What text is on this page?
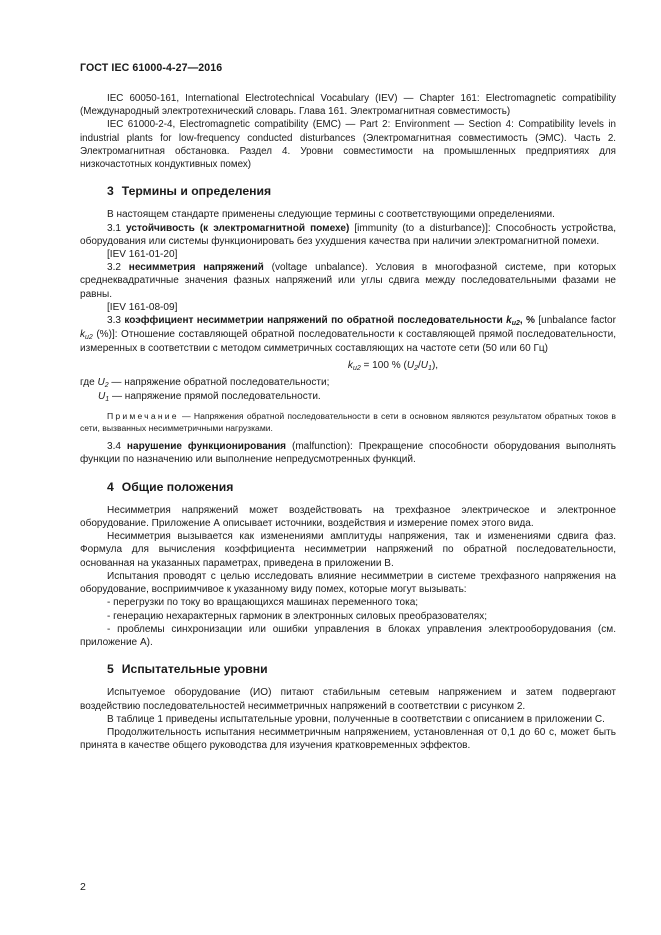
ГОСТ IEC 61000-4-27—2016

IEC 60050-161, International Electrotechnical Vocabulary (IEV) — Chapter 161: Electromagnetic compatibility (Международный электротехнический словарь. Глава 161. Электромагнитная совместимость)

IEC 61000-2-4, Electromagnetic compatibility (EMC) — Part 2: Environment — Section 4: Compatibility levels in industrial plants for low-frequency conducted disturbances (Электромагнитная совместимость (ЭМС). Часть 2. Электромагнитная обстановка. Раздел 4. Уровни совместимости на промышленных предприятиях для низкочастотных кондуктивных помех)

3 Термины и определения

В настоящем стандарте применены следующие термины с соответствующими определениями.

3.1 устойчивость (к электромагнитной помехе) [immunity (to a disturbance)]: Способность устройства, оборудования или системы функционировать без ухудшения качества при наличии электромагнитной помехи.

[IEV 161-01-20]

3.2 несимметрия напряжений (voltage unbalance). Условия в многофазной системе, при которых среднеквадратичные значения фазных напряжений или углы сдвига между последовательными фазами не равны.

[IEV 161-08-09]

3.3 коэффициент несимметрии напряжений по обратной последовательности ku2, % [unbalance factor ku2 (%)]: Отношение составляющей обратной последовательности к составляющей прямой последовательности, измеренных в соответствии с методом симметричных составляющих на частоте сети (50 или 60 Гц)

ku2 = 100 % (U2/U1),

где U2 — напряжение обратной последовательности;

U1 — напряжение прямой последовательности.

Примечание — Напряжения обратной последовательности в сети в основном являются результатом обратных токов в сети, вызванных несимметричными нагрузками.

3.4 нарушение функционирования (malfunction): Прекращение способности оборудования выполнять функции по назначению или выполнение непредусмотренных функций.

4 Общие положения

Несимметрия напряжений может воздействовать на трехфазное электрическое и электронное оборудование. Приложение А описывает источники, воздействия и измерение помех этого вида.

Несимметрия вызывается как изменениями амплитуды напряжения, так и изменениями сдвига фаз. Формула для вычисления коэффициента несимметрии напряжений по обратной последовательности, основанная на указанных параметрах, приведена в приложении В.

Испытания проводят с целью исследовать влияние несимметрии в системе трехфазного напряжения на оборудование, восприимчивое к указанному виду помех, которые могут вызывать:

- перегрузки по току во вращающихся машинах переменного тока;

- генерацию нехарактерных гармоник в электронных силовых преобразователях;

- проблемы синхронизации или ошибки управления в блоках управления электрооборудования (см. приложение А).

5 Испытательные уровни

Испытуемое оборудование (ИО) питают стабильным сетевым напряжением и затем подвергают воздействию последовательностей несимметричных напряжений в соответствии с рисунком 2.

В таблице 1 приведены испытательные уровни, полученные в соответствии с описанием в приложении С.

Продолжительность испытания несимметричным напряжением, установленная от 0,1 до 60 с, может быть принята в качестве общего руководства для изучения кратковременных эффектов.

2
